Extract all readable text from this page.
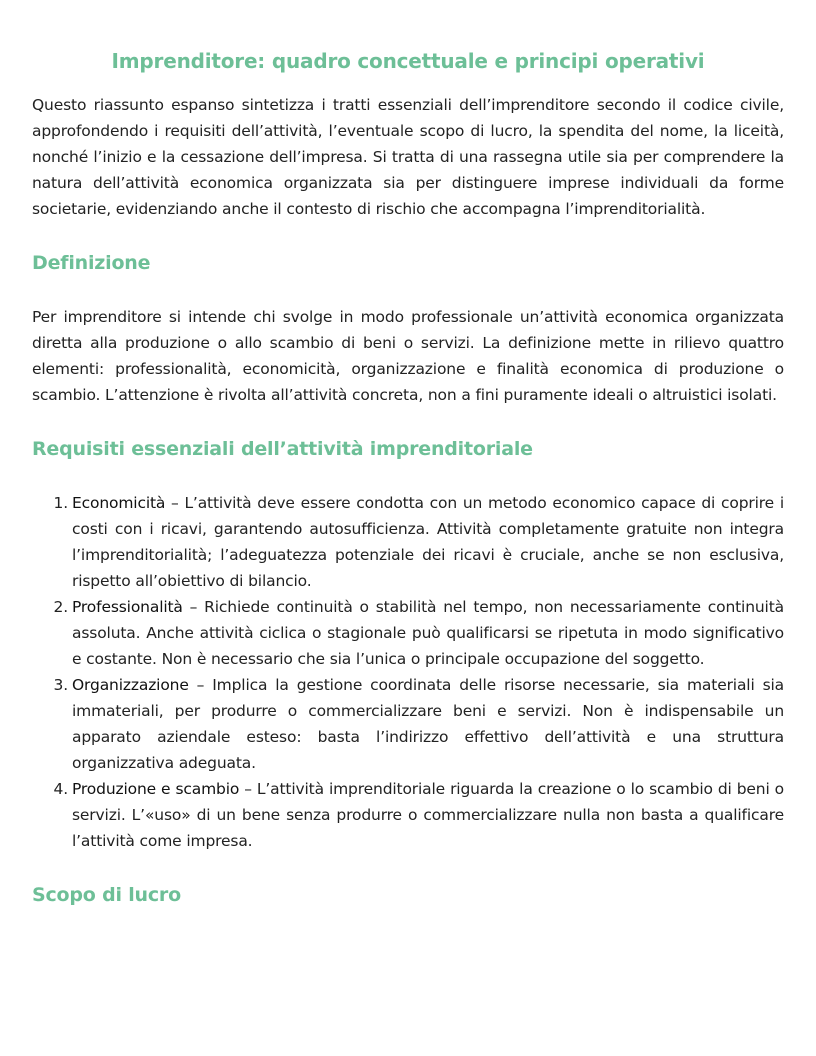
Imprenditore: quadro concettuale e principi operativi

Questo riassunto espanso sintetizza i tratti essenziali dell’imprenditore secondo il codice civile, approfondendo i requisiti dell’attività, l’eventuale scopo di lucro, la spendita del nome, la liceità, nonché l’inizio e la cessazione dell’impresa. Si tratta di una rassegna utile sia per comprendere la natura dell’attività economica organizzata sia per distinguere imprese individuali da forme societarie, evidenziando anche il contesto di rischio che accompagna l’imprenditorialità.

Definizione

Per imprenditore si intende chi svolge in modo professionale un’attività economica organizzata diretta alla produzione o allo scambio di beni o servizi. La definizione mette in rilievo quattro elementi: professionalità, economicità, organizzazione e finalità economica di produzione o scambio. L’attenzione è rivolta all’attività concreta, non a fini puramente ideali o altruistici isolati.

Requisiti essenziali dell’attività imprenditoriale
1. Economicità – L’attività deve essere condotta con un metodo economico capace di coprire i costi con i ricavi, garantendo autosufficienza. Attività completamente gratuite non integra l’imprenditorialità; l’adeguatezza potenziale dei ricavi è cruciale, anche se non esclusiva, rispetto all’obiettivo di bilancio.
2. Professionalità – Richiede continuità o stabilità nel tempo, non necessariamente continuità assoluta. Anche attività ciclica o stagionale può qualificarsi se ripetuta in modo significativo e costante. Non è necessario che sia l’unica o principale occupazione del soggetto.
3. Organizzazione – Implica la gestione coordinata delle risorse necessarie, sia materiali sia immateriali, per produrre o commercializzare beni e servizi. Non è indispensabile un apparato aziendale esteso: basta l’indirizzo effettivo dell’attività e una struttura organizzativa adeguata.
4. Produzione e scambio – L’attività imprenditoriale riguarda la creazione o lo scambio di beni o servizi. L’«uso» di un bene senza produrre o commercializzare nulla non basta a qualificare l’attività come impresa.
Scopo di lucro
